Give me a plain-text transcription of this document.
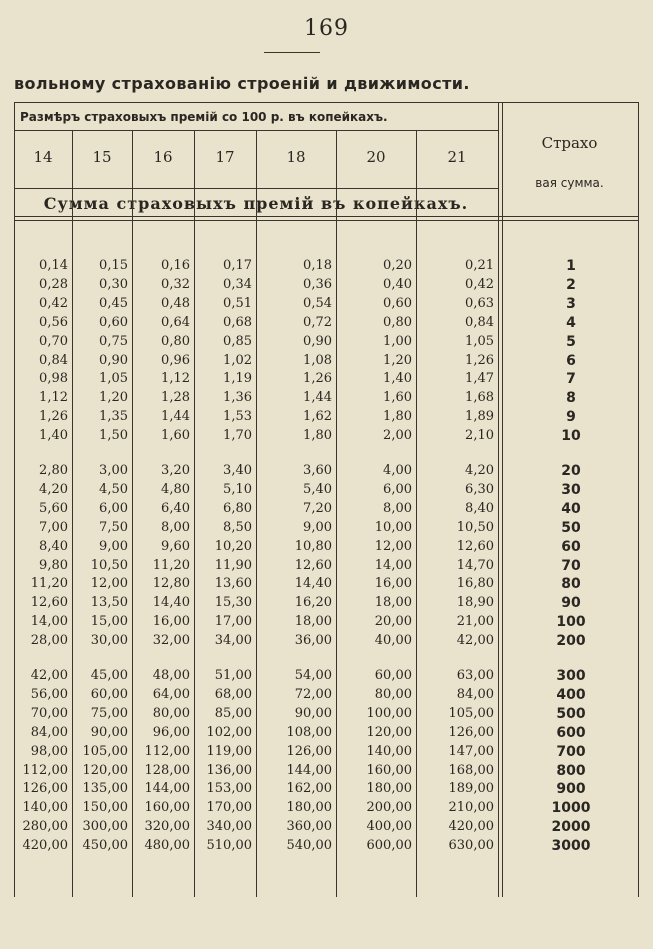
169
вольному страхованію строеній и движимости.
Размѣръ страховыхъ премій со 100 р. въ копейкахъ.
Сумма страховыхъ премій въ копейкахъ.
Страхо
вая сумма.
14	15	16	17	18	20	21
0,14	0,15	0,16	0,17	0,18	0,20	0,21	1
0,28	0,30	0,32	0,34	0,36	0,40	0,42	2
0,42	0,45	0,48	0,51	0,54	0,60	0,63	3
0,56	0,60	0,64	0,68	0,72	0,80	0,84	4
0,70	0,75	0,80	0,85	0,90	1,00	1,05	5
0,84	0,90	0,96	1,02	1,08	1,20	1,26	6
0,98	1,05	1,12	1,19	1,26	1,40	1,47	7
1,12	1,20	1,28	1,36	1,44	1,60	1,68	8
1,26	1,35	1,44	1,53	1,62	1,80	1,89	9
1,40	1,50	1,60	1,70	1,80	2,00	2,10	10
2,80	3,00	3,20	3,40	3,60	4,00	4,20	20
4,20	4,50	4,80	5,10	5,40	6,00	6,30	30
5,60	6,00	6,40	6,80	7,20	8,00	8,40	40
7,00	7,50	8,00	8,50	9,00	10,00	10,50	50
8,40	9,00	9,60	10,20	10,80	12,00	12,60	60
9,80	10,50	11,20	11,90	12,60	14,00	14,70	70
11,20	12,00	12,80	13,60	14,40	16,00	16,80	80
12,60	13,50	14,40	15,30	16,20	18,00	18,90	90
14,00	15,00	16,00	17,00	18,00	20,00	21,00	100
28,00	30,00	32,00	34,00	36,00	40,00	42,00	200
42,00	45,00	48,00	51,00	54,00	60,00	63,00	300
56,00	60,00	64,00	68,00	72,00	80,00	84,00	400
70,00	75,00	80,00	85,00	90,00	100,00	105,00	500
84,00	90,00	96,00	102,00	108,00	120,00	126,00	600
98,00	105,00	112,00	119,00	126,00	140,00	147,00	700
112,00	120,00	128,00	136,00	144,00	160,00	168,00	800
126,00	135,00	144,00	153,00	162,00	180,00	189,00	900
140,00	150,00	160,00	170,00	180,00	200,00	210,00	1000
280,00	300,00	320,00	340,00	360,00	400,00	420,00	2000
420,00	450,00	480,00	510,00	540,00	600,00	630,00	3000
